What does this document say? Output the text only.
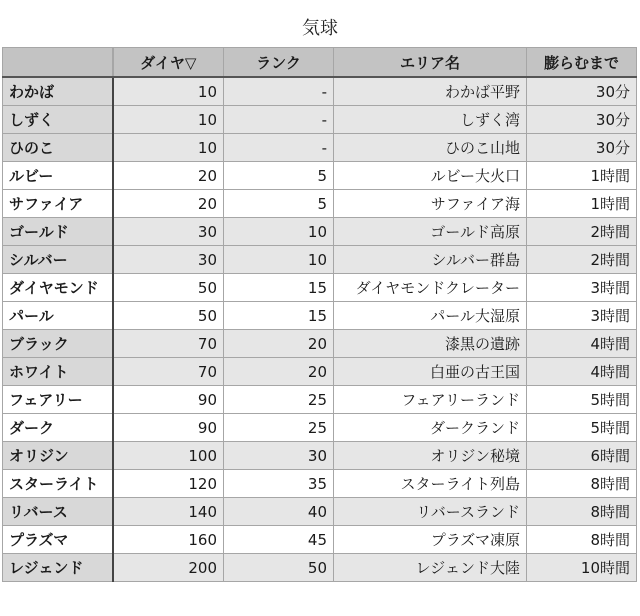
気球
	ダイヤ▽	ランク	エリア名	膨らむまで
わかば	10	-	わかば平野	30分
しずく	10	-	しずく湾	30分
ひのこ	10	-	ひのこ山地	30分
ルビー	20	5	ルビー大火口	1時間
サファイア	20	5	サファイア海	1時間
ゴールド	30	10	ゴールド高原	2時間
シルバー	30	10	シルバー群島	2時間
ダイヤモンド	50	15	ダイヤモンドクレーター	3時間
パール	50	15	パール大湿原	3時間
ブラック	70	20	漆黒の遺跡	4時間
ホワイト	70	20	白亜の古王国	4時間
フェアリー	90	25	フェアリーランド	5時間
ダーク	90	25	ダークランド	5時間
オリジン	100	30	オリジン秘境	6時間
スターライト	120	35	スターライト列島	8時間
リバース	140	40	リバースランド	8時間
プラズマ	160	45	プラズマ凍原	8時間
レジェンド	200	50	レジェンド大陸	10時間
